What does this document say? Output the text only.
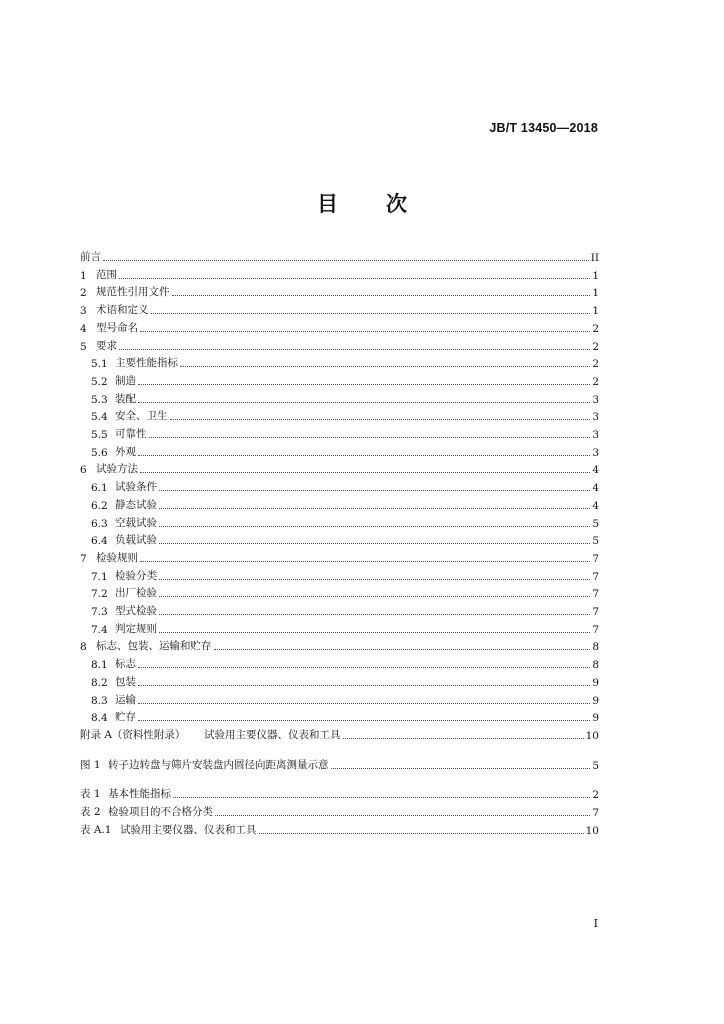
JB/T 13450—2018
目 次
前言	II
1 范围	1
2 规范性引用文件	1
3 术语和定义	1
4 型号命名	2
5 要求	2
5.1 主要性能指标	2
5.2 制造	2
5.3 装配	3
5.4 安全、卫生	3
5.5 可靠性	3
5.6 外观	3
6 试验方法	4
6.1 试验条件	4
6.2 静态试验	4
6.3 空载试验	5
6.4 负载试验	5
7 检验规则	7
7.1 检验分类	7
7.2 出厂检验	7
7.3 型式检验	7
7.4 判定规则	7
8 标志、包装、运输和贮存	8
8.1 标志	8
8.2 包装	9
8.3 运输	9
8.4 贮存	9
附录 A（资料性附录）	试验用主要仪器、仪表和工具	10
图 1 转子边转盘与筛片安装盘内圆径向距离测量示意	5
表 1 基本性能指标	2
表 2 检验项目的不合格分类	7
表 A.1 试验用主要仪器、仪表和工具	10
I
